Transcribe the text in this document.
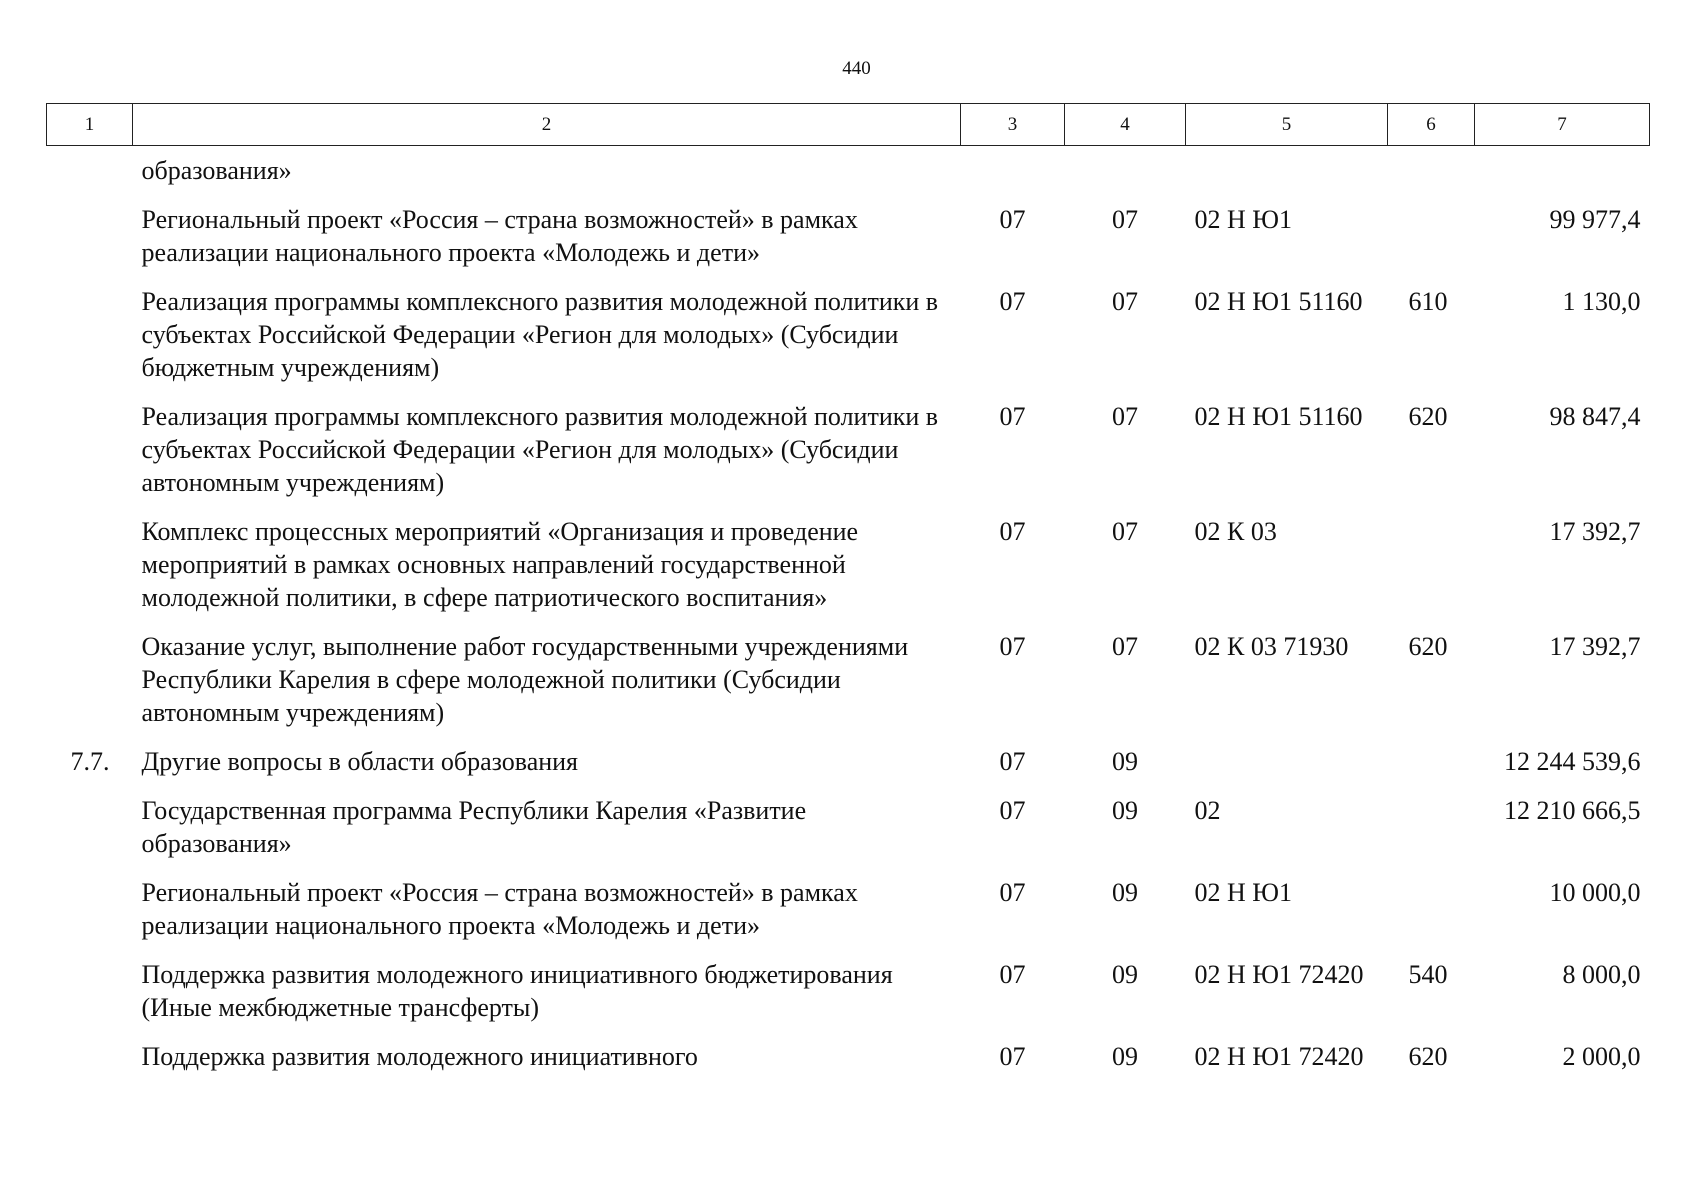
440
1	2	3	4	5	6	7
	образования»					
	Региональный проект «Россия – страна возможностей» в рамках реализации национального проекта «Молодежь и дети»	07	07	02 Н Ю1		99 977,4
	Реализация программы комплексного развития молодежной политики в субъектах Российской Федерации «Регион для молодых» (Субсидии бюджетным учреждениям)	07	07	02 Н Ю1 51160	610	1 130,0
	Реализация программы комплексного развития молодежной политики в субъектах Российской Федерации «Регион для молодых» (Субсидии автономным учреждениям)	07	07	02 Н Ю1 51160	620	98 847,4
	Комплекс процессных мероприятий «Организация и проведение мероприятий в рамках основных направлений государственной молодежной политики, в сфере патриотического воспитания»	07	07	02 К 03		17 392,7
	Оказание услуг, выполнение работ государственными учреждениями Республики Карелия в сфере молодежной политики (Субсидии автономным учреждениям)	07	07	02 К 03 71930	620	17 392,7
7.7.	Другие вопросы в области образования	07	09			12 244 539,6
	Государственная программа Республики Карелия «Развитие образования»	07	09	02		12 210 666,5
	Региональный проект «Россия – страна возможностей» в рамках реализации национального проекта «Молодежь и дети»	07	09	02 Н Ю1		10 000,0
	Поддержка развития молодежного инициативного бюджетирования (Иные межбюджетные трансферты)	07	09	02 Н Ю1 72420	540	8 000,0
	Поддержка развития молодежного инициативного	07	09	02 Н Ю1 72420	620	2 000,0
